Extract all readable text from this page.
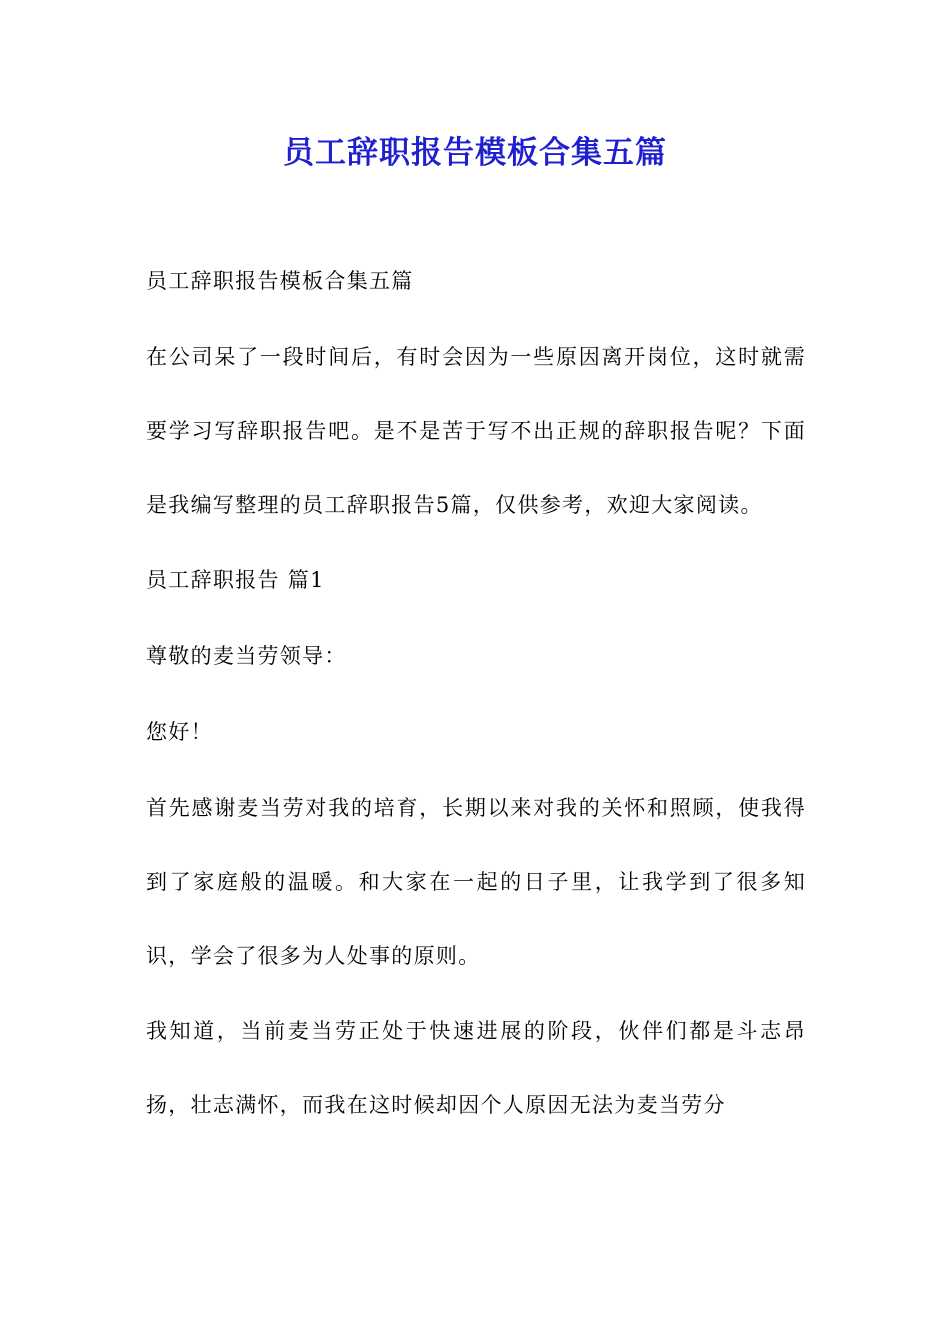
员工辞职报告模板合集五篇

员工辞职报告模板合集五篇

在公司呆了一段时间后，有时会因为一些原因离开岗位，这时就需要学习写辞职报告吧。是不是苦于写不出正规的辞职报告呢？下面是我编写整理的员工辞职报告5篇，仅供参考，欢迎大家阅读。

员工辞职报告 篇1

尊敬的麦当劳领导：

您好！

首先感谢麦当劳对我的培育，长期以来对我的关怀和照顾，使我得到了家庭般的温暖。和大家在一起的日子里，让我学到了很多知识，学会了很多为人处事的原则。

我知道，当前麦当劳正处于快速进展的阶段，伙伴们都是斗志昂扬，壮志满怀，而我在这时候却因个人原因无法为麦当劳分
